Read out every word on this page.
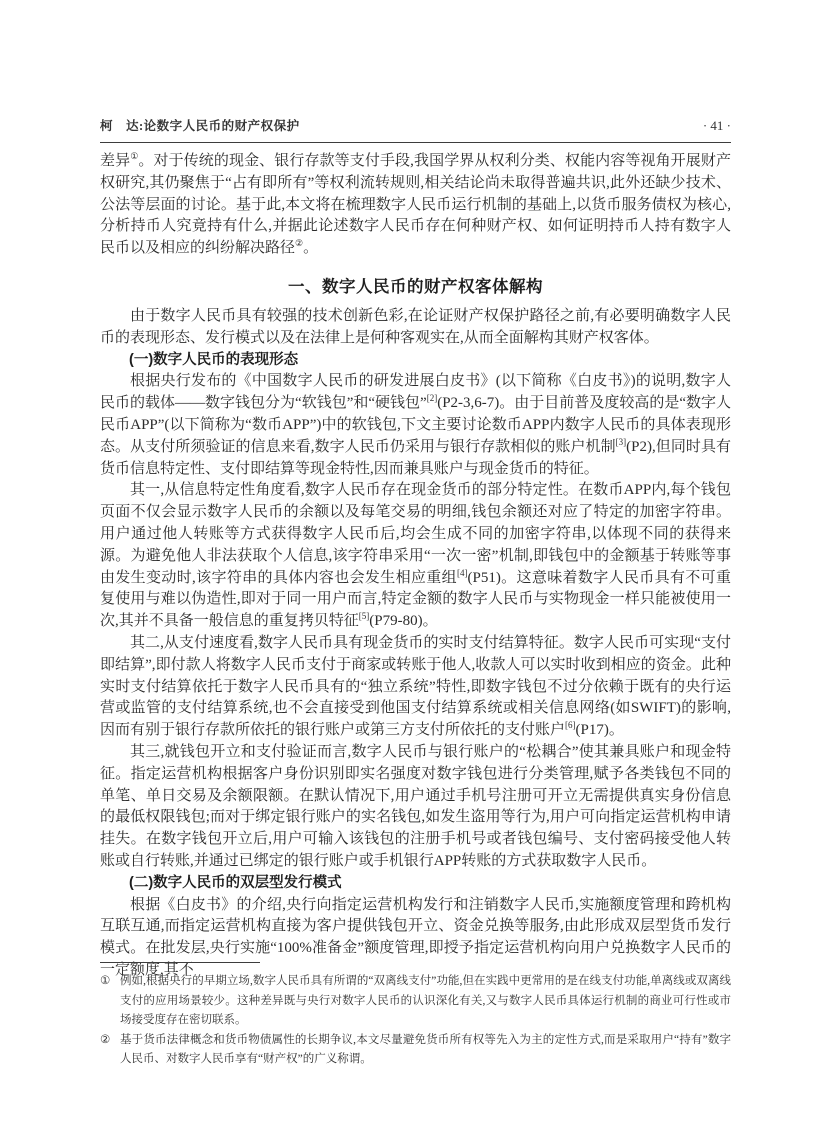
柯　达:论数字人民币的财产权保护	· 41 ·

差异①。对于传统的现金、银行存款等支付手段,我国学界从权利分类、权能内容等视角开展财产权研究,其仍聚焦于“占有即所有”等权利流转规则,相关结论尚未取得普遍共识,此外还缺少技术、公法等层面的讨论。基于此,本文将在梳理数字人民币运行机制的基础上,以货币服务债权为核心,分析持币人究竟持有什么,并据此论述数字人民币存在何种财产权、如何证明持币人持有数字人民币以及相应的纠纷解决路径②。

一、数字人民币的财产权客体解构

由于数字人民币具有较强的技术创新色彩,在论证财产权保护路径之前,有必要明确数字人民币的表现形态、发行模式以及在法律上是何种客观实在,从而全面解构其财产权客体。

(一)数字人民币的表现形态

根据央行发布的《中国数字人民币的研发进展白皮书》(以下简称《白皮书》)的说明,数字人民币的载体——数字钱包分为“软钱包”和“硬钱包”[2](P2-3,6-7)。由于目前普及度较高的是“数字人民币APP”(以下简称为“数币APP”)中的软钱包,下文主要讨论数币APP内数字人民币的具体表现形态。从支付所须验证的信息来看,数字人民币仍采用与银行存款相似的账户机制[3](P2),但同时具有货币信息特定性、支付即结算等现金特性,因而兼具账户与现金货币的特征。

其一,从信息特定性角度看,数字人民币存在现金货币的部分特定性。在数币APP内,每个钱包页面不仅会显示数字人民币的余额以及每笔交易的明细,钱包余额还对应了特定的加密字符串。用户通过他人转账等方式获得数字人民币后,均会生成不同的加密字符串,以体现不同的获得来源。为避免他人非法获取个人信息,该字符串采用“一次一密”机制,即钱包中的金额基于转账等事由发生变动时,该字符串的具体内容也会发生相应重组[4](P51)。这意味着数字人民币具有不可重复使用与难以伪造性,即对于同一用户而言,特定金额的数字人民币与实物现金一样只能被使用一次,其并不具备一般信息的重复拷贝特征[5](P79-80)。

其二,从支付速度看,数字人民币具有现金货币的实时支付结算特征。数字人民币可实现“支付即结算”,即付款人将数字人民币支付于商家或转账于他人,收款人可以实时收到相应的资金。此种实时支付结算依托于数字人民币具有的“独立系统”特性,即数字钱包不过分依赖于既有的央行运营或监管的支付结算系统,也不会直接受到他国支付结算系统或相关信息网络(如SWIFT)的影响,因而有别于银行存款所依托的银行账户或第三方支付所依托的支付账户[6](P17)。

其三,就钱包开立和支付验证而言,数字人民币与银行账户的“松耦合”使其兼具账户和现金特征。指定运营机构根据客户身份识别即实名强度对数字钱包进行分类管理,赋予各类钱包不同的单笔、单日交易及余额限额。在默认情况下,用户通过手机号注册可开立无需提供真实身份信息的最低权限钱包;而对于绑定银行账户的实名钱包,如发生盗用等行为,用户可向指定运营机构申请挂失。在数字钱包开立后,用户可输入该钱包的注册手机号或者钱包编号、支付密码接受他人转账或自行转账,并通过已绑定的银行账户或手机银行APP转账的方式获取数字人民币。

(二)数字人民币的双层型发行模式

根据《白皮书》的介绍,央行向指定运营机构发行和注销数字人民币,实施额度管理和跨机构互联互通,而指定运营机构直接为客户提供钱包开立、资金兑换等服务,由此形成双层型货币发行模式。在批发层,央行实施“100%准备金”额度管理,即授予指定运营机构向用户兑换数字人民币的一定额度,其不

① 例如,根据央行的早期立场,数字人民币具有所谓的“双离线支付”功能,但在实践中更常用的是在线支付功能,单离线或双离线支付的应用场景较少。这种差异既与央行对数字人民币的认识深化有关,又与数字人民币具体运行机制的商业可行性或市场接受度存在密切联系。

② 基于货币法律概念和货币物债属性的长期争议,本文尽量避免货币所有权等先入为主的定性方式,而是采取用户“持有”数字人民币、对数字人民币享有“财产权”的广义称谓。
